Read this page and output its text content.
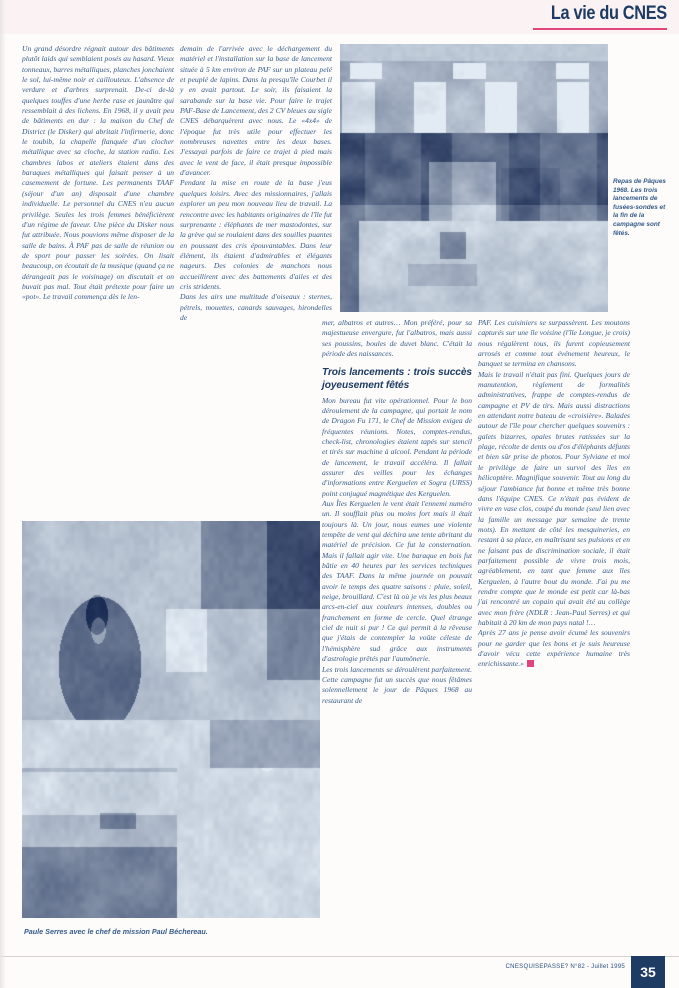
La vie du CNES

Un grand désordre régnait autour des bâtiments plutôt laids qui semblaient posés au hasard. Vieux tonneaux, barres métalliques, planches jonchaient le sol, lui-même noir et caillouteux. L'absence de verdure et d'arbres surprenait. De-ci de-là quelques touffes d'une herbe rase et jaunâtre qui ressemblait à des lichens. En 1968, il y avait peu de bâtiments en dur : la maison du Chef de District (le Disker) qui abritait l'infirmerie, donc le toubib, la chapelle flanquée d'un clocher métallique avec sa cloche, la station radio. Les chambres labos et ateliers étaient dans des baraques métalliques qui faisait penser à un casemement de fortune. Les permanents TAAF (séjour d'un an) disposait d'une chambre individuelle. Le personnel du CNES n'eu aucun privilège. Seules les trois femmes bénéficièrent d'un régime de faveur. Une pièce du Disker nous fut attribuée. Nous pouvions même disposer de la salle de bains. À PAF pas de salle de réunion ou de sport pour passer les soirées. On lisait beaucoup, on écoutait de la musique (quand ça ne dérangeait pas le voisinage) on discutait et on buvait pas mal. Tout était prétexte pour faire un «pot». Le travail commença dès le len-

demain de l'arrivée avec le déchargement du matériel et l'installation sur la base de lancement située à 5 km environ de PAF sur un plateau pelé et peuplé de lapins. Dans la presqu'île Courbet il y en avait partout. Le soir, ils faisaient la sarabande sur la base vie. Pour faire le trajet PAF-Base de Lancement, des 2 CV bleues au sigle CNES débarquèrent avec nous. Le «4x4» de l'époque fut très utile pour effectuer les nombreuses navettes entre les deux bases. J'essayai parfois de faire ce trajet à pied mais avec le vent de face, il était presque impossible d'avancer.

Pendant la mise en route de la base j'eus quelques loisirs. Avec des missionnaires, j'allais explorer un peu mon nouveau lieu de travail. La rencontre avec les habitants originaires de l'île fut surprenante : éléphants de mer mastodontes, sur la grève qui se roulaient dans des souilles puantes en poussant des cris épouvantables. Dans leur élément, ils étaient d'admirables et élégants nageurs. Des colonies de manchots nous accueillirent avec des battements d'ailes et des cris stridents.

Dans les airs une multitude d'oiseaux : sternes, pétrels, mouettes, canards sauvages, hirondelles de

mer, albatros et autres… Mon préféré, pour sa majestueuse envergure, fut l'albatros, mais aussi ses poussins, boules de duvet blanc. C'était la période des naissances.

Trois lancements : trois succès joyeusement fêtés

Mon bureau fut vite opérationnel. Pour le bon déroulement de la campagne, qui portait le nom de Dragon Fu 171, le Chef de Mission exigea de fréquentes réunions. Notes, comptes-rendus, check-list, chronologies étaient tapés sur stencil et tirés sur machine à alcool. Pendant la période de lancement, le travail accéléra. Il fallait assurer des veilles pour les échanges d'informations entre Kerguelen et Sogra (URSS) point conjugué magnétique des Kerguelen.

Aux Îles Kerguelen le vent était l'ennemi numéro un. Il soufflait plus ou moins fort mais il était toujours là. Un jour, nous eumes une violente tempête de vent qui déchira une tente abritant du matériel de précision. Ce fut la consternation. Mais il fallait agir vite. Une baraque en bois fut bâtie en 40 heures par les services techniques des TAAF. Dans la même journée on pouvait avoir le temps des quatre saisons : pluie, soleil, neige, brouillard. C'est là où je vis les plus beaux arcs-en-ciel aux couleurs intenses, doubles ou franchement en forme de cercle. Quel étrange ciel de nuit si pur ! Ce qui permit à la rêveuse que j'étais de contempler la voûte céleste de l'hémisphère sud grâce aux instruments d'astrologie prêtés par l'aumônerie.

Les trois lancements se déroulèrent parfaitement. Cette campagne fut un succès que nous fêtâmes solennellement le jour de Pâques 1968 au restaurant de

PAF. Les cuisiniers se surpassèrent. Les moutons capturés sur une île voisine (l'île Longue, je crois) nous régalèrent tous, ils furent copieusement arrosés et comme tout événement heureux, le banquet se termina en chansons.

Mais le travail n'était pas fini. Quelques jours de manutention, règlement de formalités administratives, frappe de comptes-rendus de campagne et PV de tirs. Mais aussi distractions en attendant notre bateau de «croisière». Balades autour de l'île pour chercher quelques souvenirs : galets bizarres, opales brutes ratissées sur la plage, récolte de dents ou d'os d'éléphants défunts et bien sûr prise de photos. Pour Sylviane et moi le privilège de faire un survol des îles en hélicoptère. Magnifique souvenir. Tout au long du séjour l'ambiance fut bonne et même très bonne dans l'équipe CNES. Ce n'était pas évident de vivre en vase clos, coupé du monde (seul lien avec la famille un message par semaine de trente mots). En mettant de côté les mesquineries, en restant à sa place, en maîtrisant ses pulsions et en ne faisant pas de discrimination sociale, il était parfaitement possible de vivre trois mois, agréablement, en tant que femme aux îles Kerguelen, à l'autre bout du monde. J'ai pu me rendre compte que le monde est petit car là-bas j'ai rencontré un copain qui avait été au collège avec mon frère (NDLR : Jean-Paul Serres) et qui habitait à 20 km de mon pays natal !…

Après 27 ans je pense avoir écumé les souvenirs pour ne garder que les bons et je suis heureuse d'avoir vécu cette expérience humaine très enrichissante.»

Repas de Pâques 1968. Les trois lancements de fusées-sondes et la fin de la campagne sont fêtés.
Paule Serres avec le chef de mission Paul Béchereau.
CNESQUISEPASSE? N°82 - Juillet 1995	35
